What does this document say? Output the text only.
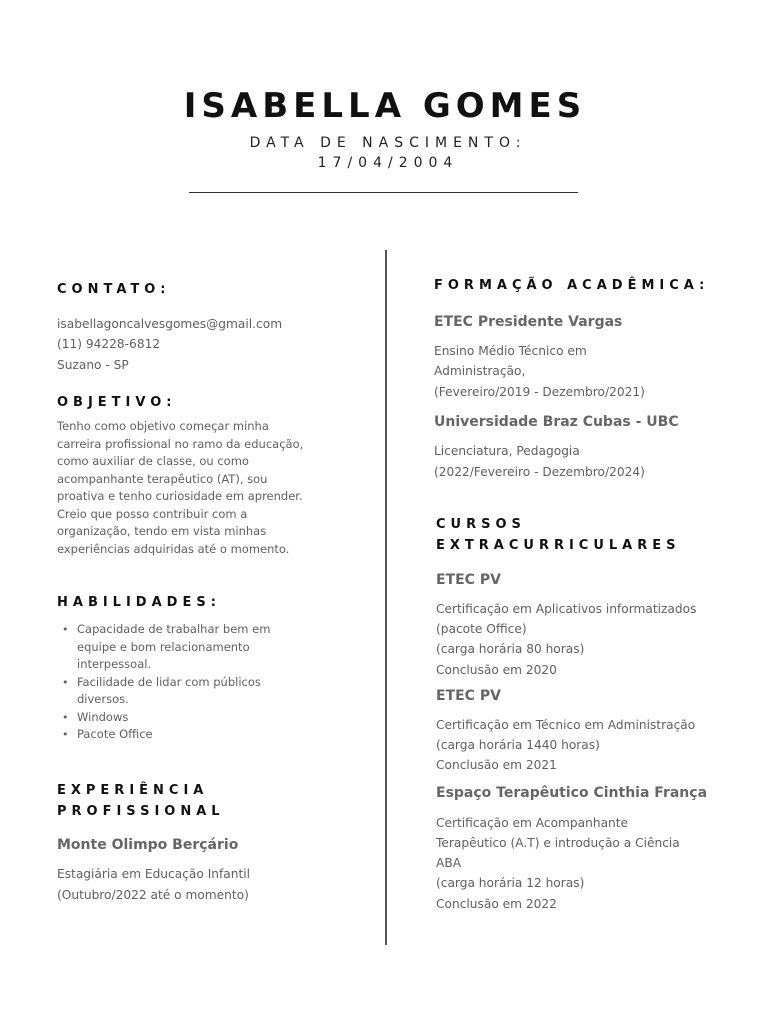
ISABELLA GOMES
DATA DE NASCIMENTO:
17/04/2004
CONTATO:
isabellagoncalvesgomes@gmail.com
(11) 94228-6812
Suzano - SP
OBJETIVO:
Tenho como objetivo começar minha
carreira profissional no ramo da educação,
como auxiliar de classe, ou como
acompanhante terapêutico (AT), sou
proativa e tenho curiosidade em aprender.
Creio que posso contribuir com a
organização, tendo em vista minhas
experiências adquiridas até o momento.
HABILIDADES:
• Capacidade de trabalhar bem em
equipe e bom relacionamento
interpessoal.
• Facilidade de lidar com públicos
diversos.
• Windows
• Pacote Office
EXPERIÊNCIA
PROFISSIONAL
Monte Olimpo Berçário
Estagiária em Educação Infantil
(Outubro/2022 até o momento)
FORMAÇÃO ACADÊMICA:
ETEC Presidente Vargas
Ensino Médio Técnico em
Administração,
(Fevereiro/2019 - Dezembro/2021)
Universidade Braz Cubas - UBC
Licenciatura, Pedagogia
(2022/Fevereiro - Dezembro/2024)
CURSOS
EXTRACURRICULARES
ETEC PV
Certificação em Aplicativos informatizados
(pacote Office)
(carga horária 80 horas)
Conclusão em 2020
ETEC PV
Certificação em Técnico em Administração
(carga horária 1440 horas)
Conclusão em 2021
Espaço Terapêutico Cinthia França
Certificação em Acompanhante
Terapêutico (A.T) e introdução a Ciência
ABA
(carga horária 12 horas)
Conclusão em 2022
